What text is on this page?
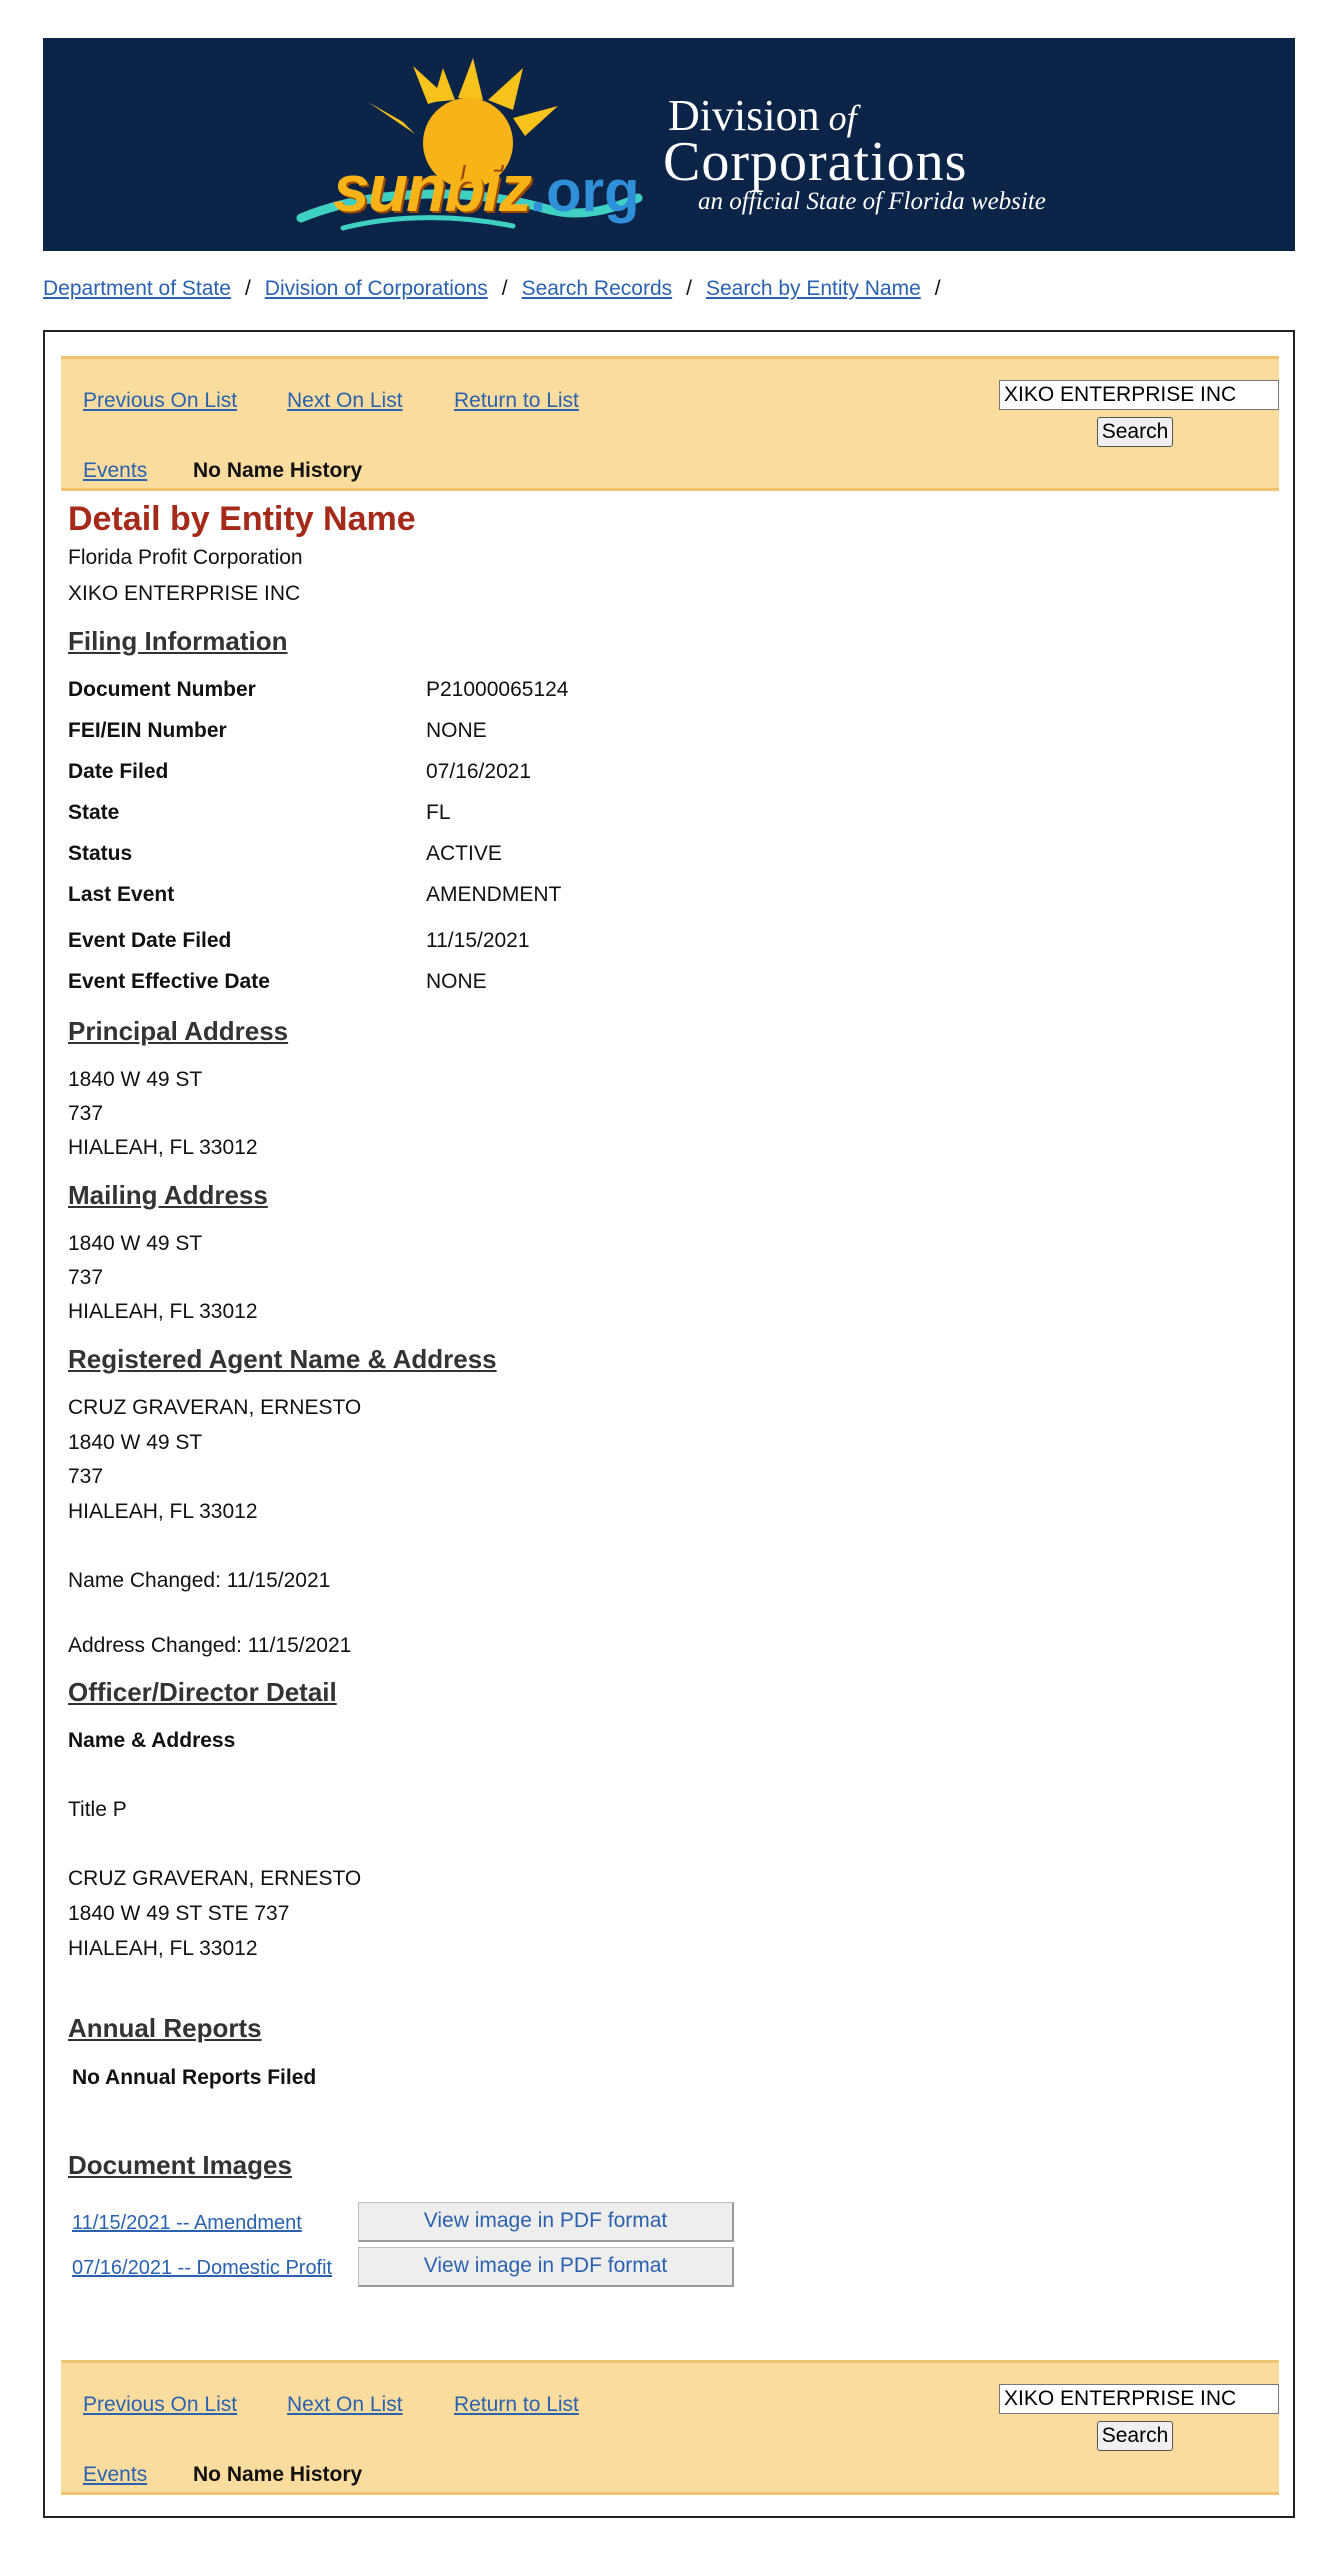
sunbiz.org
Division of
Corporations
an official State of Florida website
Department of State / Division of Corporations / Search Records / Search by Entity Name /
Previous On List Next On List Return to List
Events No Name History
XIKO ENTERPRISE INC
Search
Detail by Entity Name
Florida Profit Corporation
XIKO ENTERPRISE INC
Filing Information
Document Number	P21000065124
FEI/EIN Number	NONE
Date Filed	07/16/2021
State	FL
Status	ACTIVE
Last Event	AMENDMENT
Event Date Filed	11/15/2021
Event Effective Date	NONE
Principal Address
1840 W 49 ST
737
HIALEAH, FL 33012
Mailing Address
1840 W 49 ST
737
HIALEAH, FL 33012
Registered Agent Name & Address
CRUZ GRAVERAN, ERNESTO
1840 W 49 ST
737
HIALEAH, FL 33012
Name Changed: 11/15/2021
Address Changed: 11/15/2021
Officer/Director Detail
Name & Address
Title P
CRUZ GRAVERAN, ERNESTO
1840 W 49 ST STE 737
HIALEAH, FL 33012
Annual Reports
No Annual Reports Filed
Document Images
11/15/2021 -- Amendment	View image in PDF format
07/16/2021 -- Domestic Profit	View image in PDF format
Previous On List Next On List Return to List
Events No Name History
XIKO ENTERPRISE INC
Search
